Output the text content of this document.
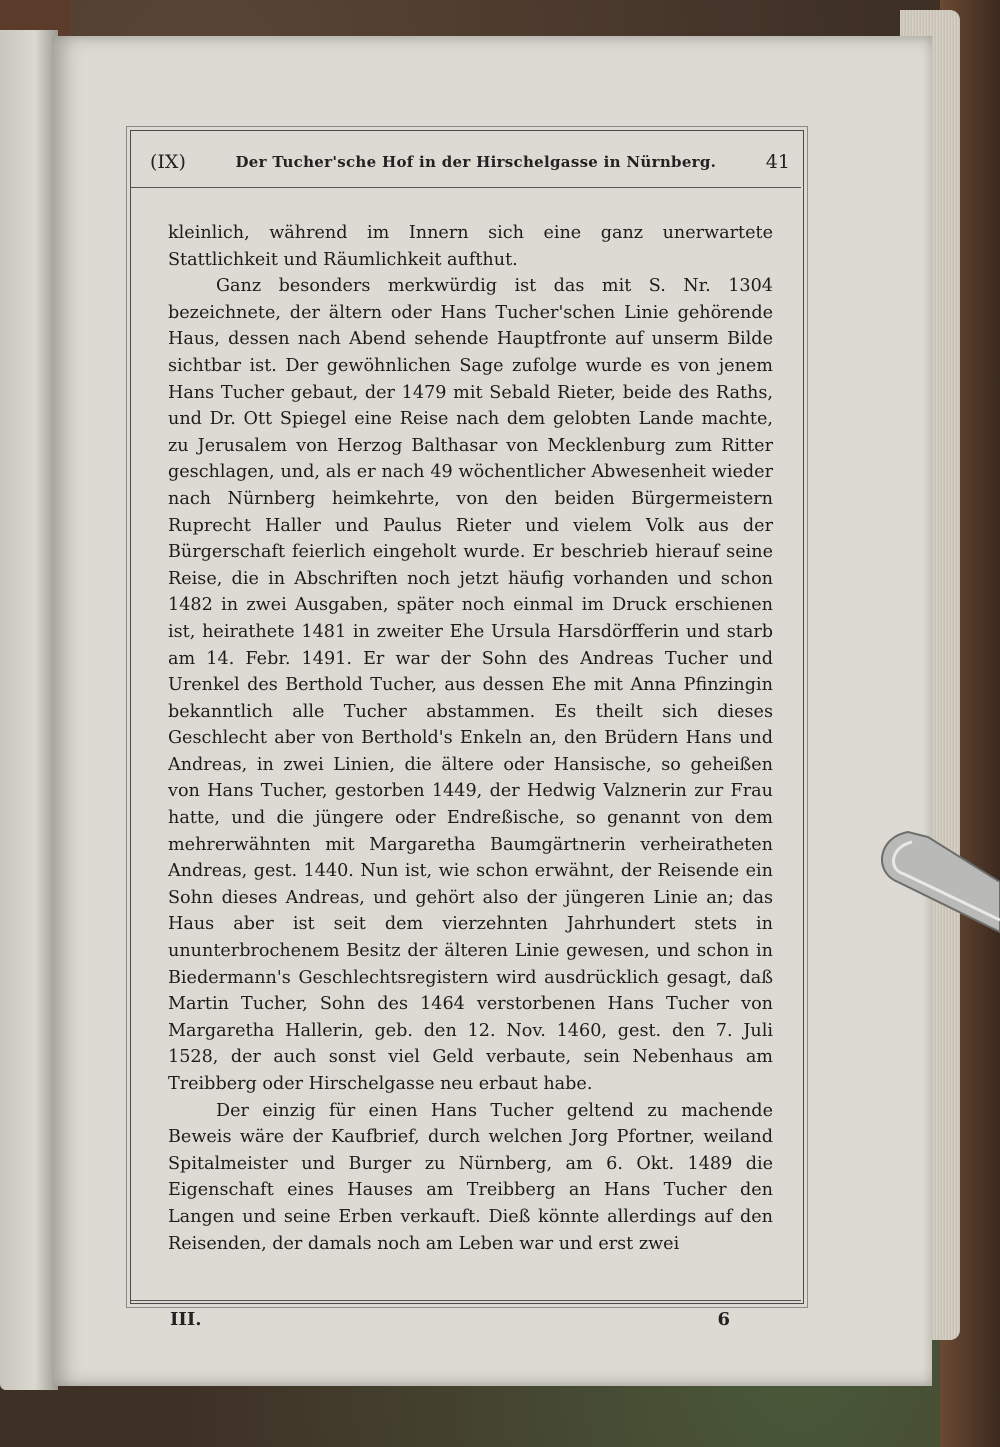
(IX)	Der Tucher'sche Hof in der Hirschelgasse in Nürnberg.	41

kleinlich, während im Innern sich eine ganz unerwartete Stattlichkeit und Räumlichkeit aufthut.

Ganz besonders merkwürdig ist das mit S. Nr. 1304 bezeichnete, der ältern oder Hans Tucher'schen Linie gehörende Haus, dessen nach Abend sehende Hauptfronte auf unserm Bilde sichtbar ist. Der gewöhnlichen Sage zufolge wurde es von jenem Hans Tucher gebaut, der 1479 mit Sebald Rieter, beide des Raths, und Dr. Ott Spiegel eine Reise nach dem gelobten Lande machte, zu Jerusalem von Herzog Balthasar von Mecklenburg zum Ritter geschlagen, und, als er nach 49 wöchentlicher Abwesenheit wieder nach Nürnberg heimkehrte, von den beiden Bürgermeistern Ruprecht Haller und Paulus Rieter und vielem Volk aus der Bürgerschaft feierlich eingeholt wurde. Er beschrieb hierauf seine Reise, die in Abschriften noch jetzt häufig vorhanden und schon 1482 in zwei Ausgaben, später noch einmal im Druck erschienen ist, heirathete 1481 in zweiter Ehe Ursula Harsdörfferin und starb am 14. Febr. 1491. Er war der Sohn des Andreas Tucher und Urenkel des Berthold Tucher, aus dessen Ehe mit Anna Pfinzingin bekanntlich alle Tucher abstammen. Es theilt sich dieses Geschlecht aber von Berthold's Enkeln an, den Brüdern Hans und Andreas, in zwei Linien, die ältere oder Hansische, so geheißen von Hans Tucher, gestorben 1449, der Hedwig Valznerin zur Frau hatte, und die jüngere oder Endreßische, so genannt von dem mehrerwähnten mit Margaretha Baumgärtnerin verheiratheten Andreas, gest. 1440. Nun ist, wie schon erwähnt, der Reisende ein Sohn dieses Andreas, und gehört also der jüngeren Linie an; das Haus aber ist seit dem vierzehnten Jahrhundert stets in ununterbrochenem Besitz der älteren Linie gewesen, und schon in Biedermann's Geschlechtsregistern wird ausdrücklich gesagt, daß Martin Tucher, Sohn des 1464 verstorbenen Hans Tucher von Margaretha Hallerin, geb. den 12. Nov. 1460, gest. den 7. Juli 1528, der auch sonst viel Geld verbaute, sein Nebenhaus am Treibberg oder Hirschelgasse neu erbaut habe.

Der einzig für einen Hans Tucher geltend zu machende Beweis wäre der Kaufbrief, durch welchen Jorg Pfortner, weiland Spitalmeister und Burger zu Nürnberg, am 6. Okt. 1489 die Eigenschaft eines Hauses am Treibberg an Hans Tucher den Langen und seine Erben verkauft. Dieß könnte allerdings auf den Reisenden, der damals noch am Leben war und erst zwei

III.	6
